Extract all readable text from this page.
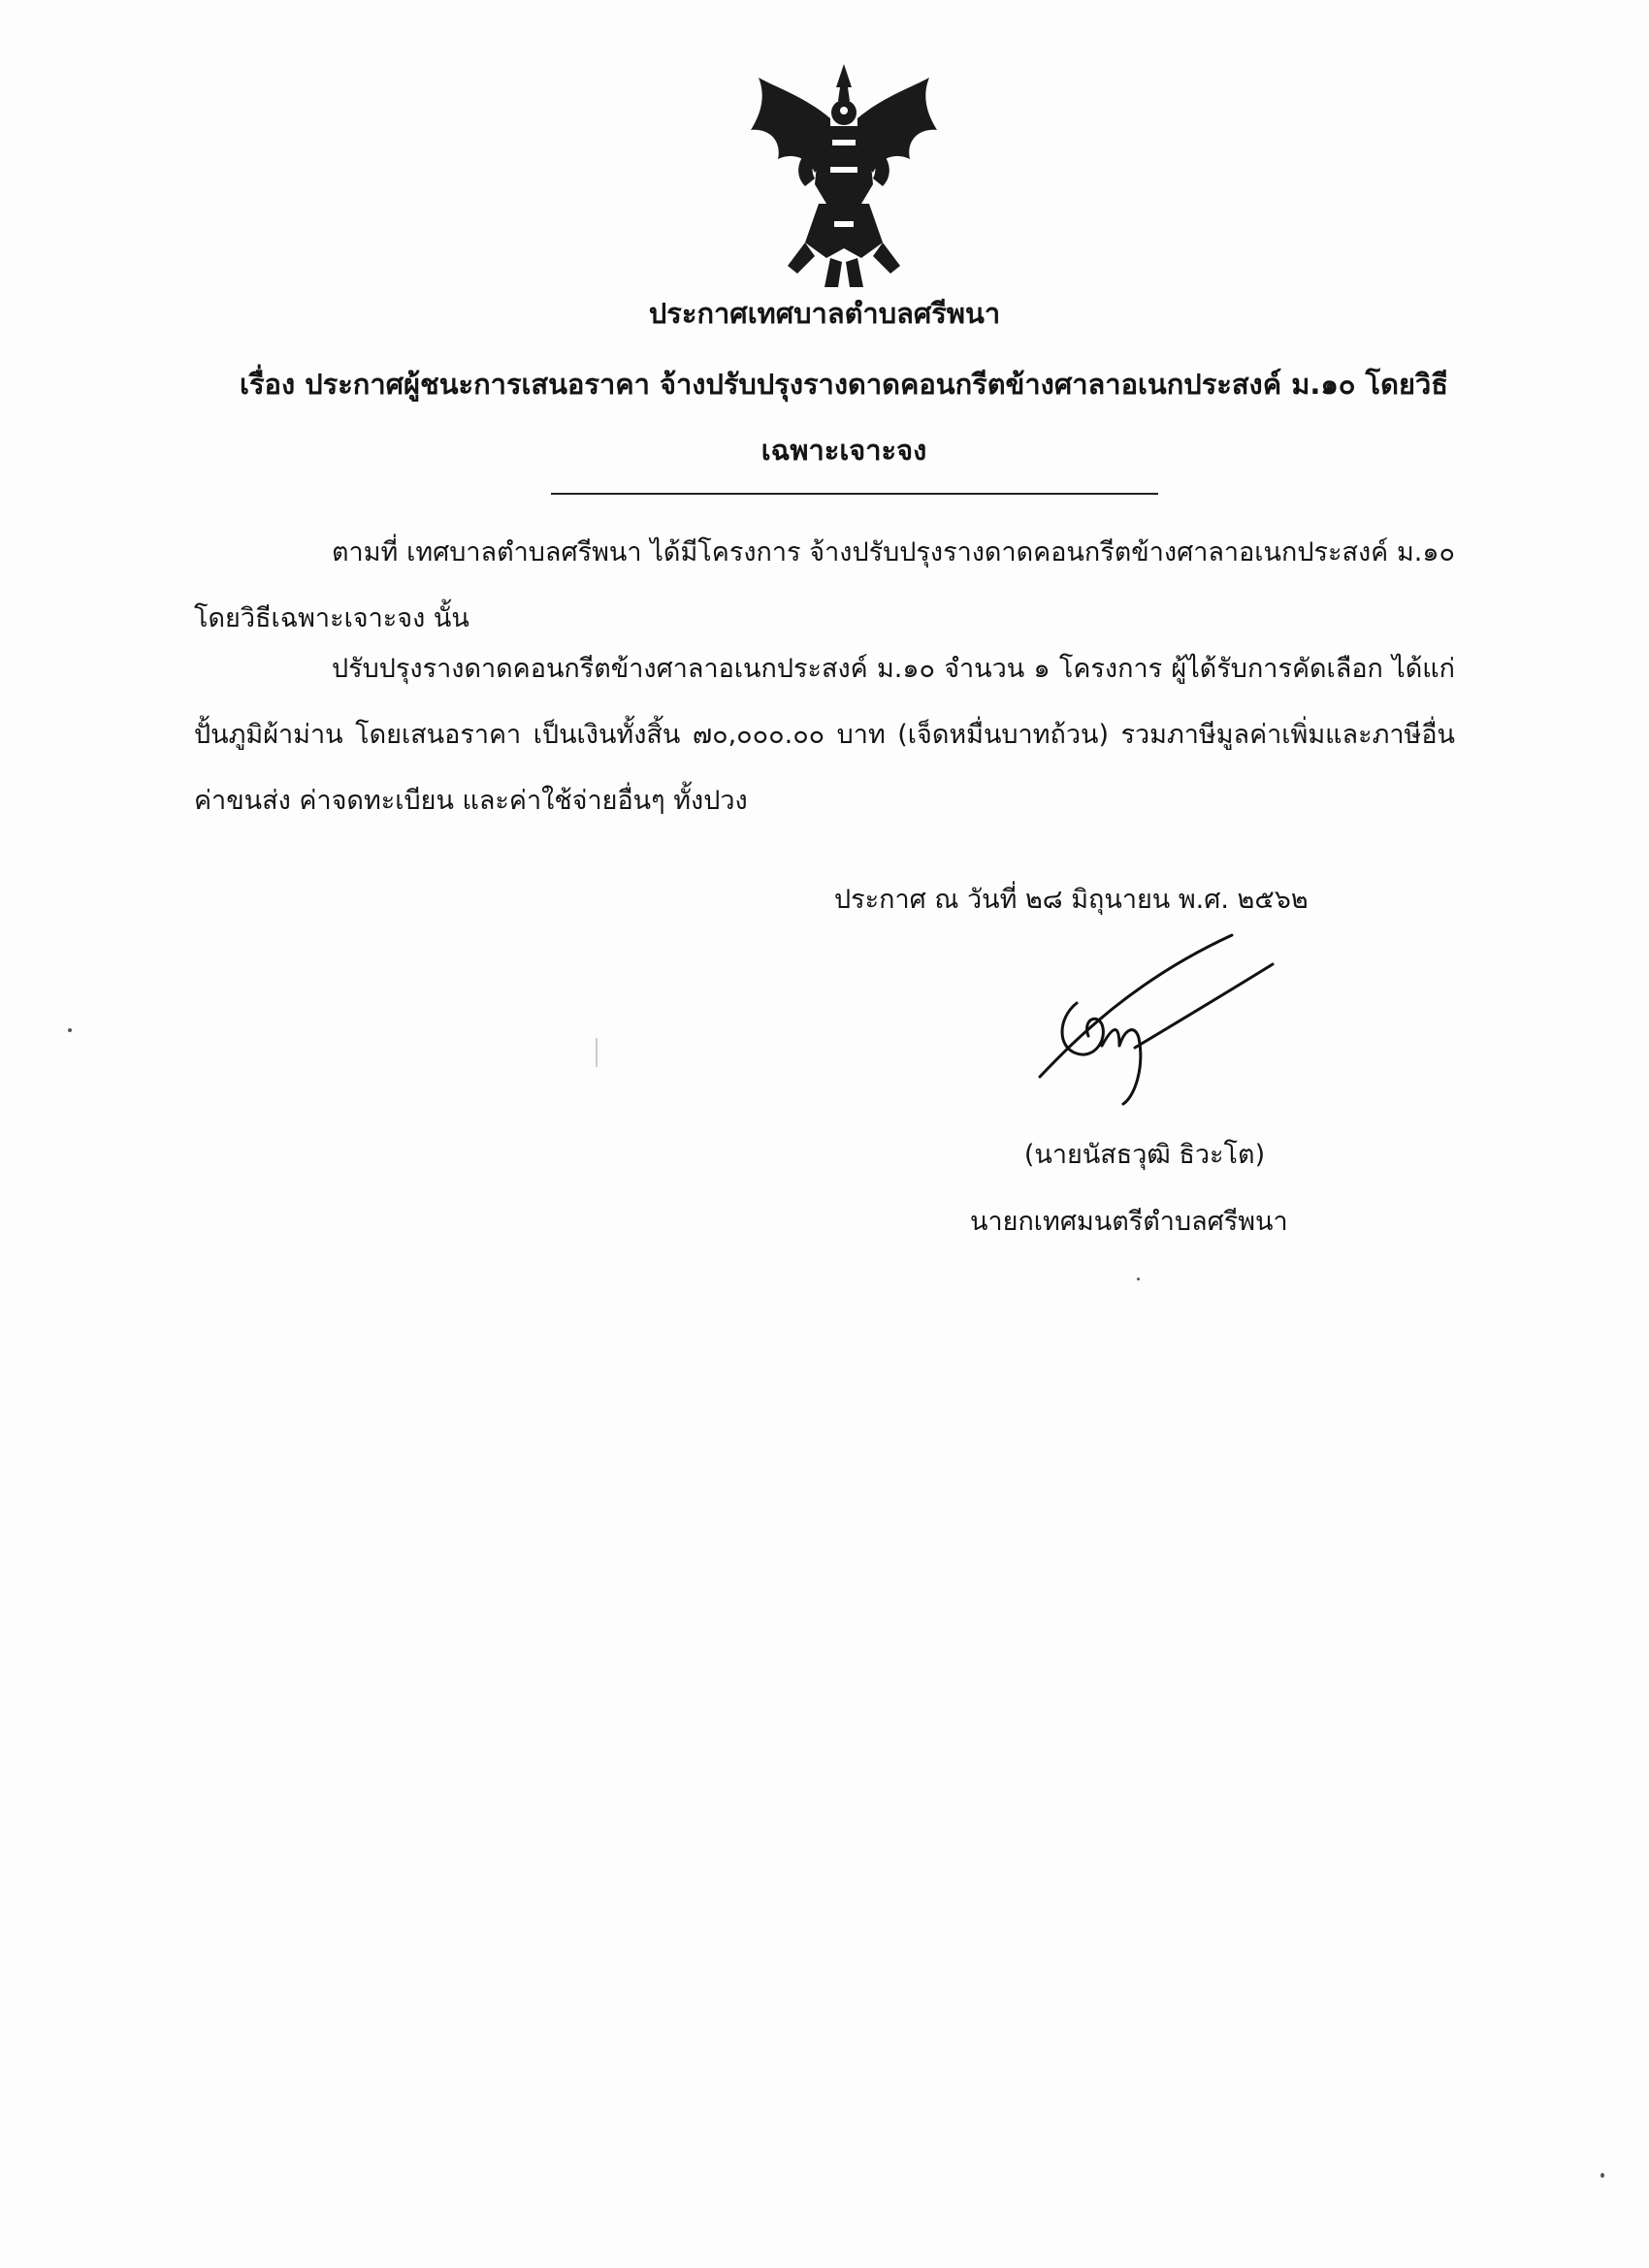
ประกาศเทศบาลตำบลศรีพนา
เรื่อง ประกาศผู้ชนะการเสนอราคา จ้างปรับปรุงรางดาดคอนกรีตข้างศาลาอเนกประสงค์ ม.๑๐ โดยวิธีเฉพาะเจาะจง
ตามที่ เทศบาลตำบลศรีพนา ได้มีโครงการ จ้างปรับปรุงรางดาดคอนกรีตข้างศาลาอเนกประสงค์ ม.๑๐ โดยวิธีเฉพาะเจาะจง นั้น
ปรับปรุงรางดาดคอนกรีตข้างศาลาอเนกประสงค์ ม.๑๐ จำนวน ๑ โครงการ ผู้ได้รับการคัดเลือก ได้แก่ ปั้นภูมิผ้าม่าน โดยเสนอราคา เป็นเงินทั้งสิ้น ๗๐,๐๐๐.๐๐ บาท (เจ็ดหมื่นบาทถ้วน) รวมภาษีมูลค่าเพิ่มและภาษีอื่น ค่าขนส่ง ค่าจดทะเบียน และค่าใช้จ่ายอื่นๆ ทั้งปวง
ประกาศ ณ วันที่ ๒๘ มิถุนายน พ.ศ. ๒๕๖๒
(นายนัสธวุฒิ ธิวะโต)
นายกเทศมนตรีตำบลศรีพนา
